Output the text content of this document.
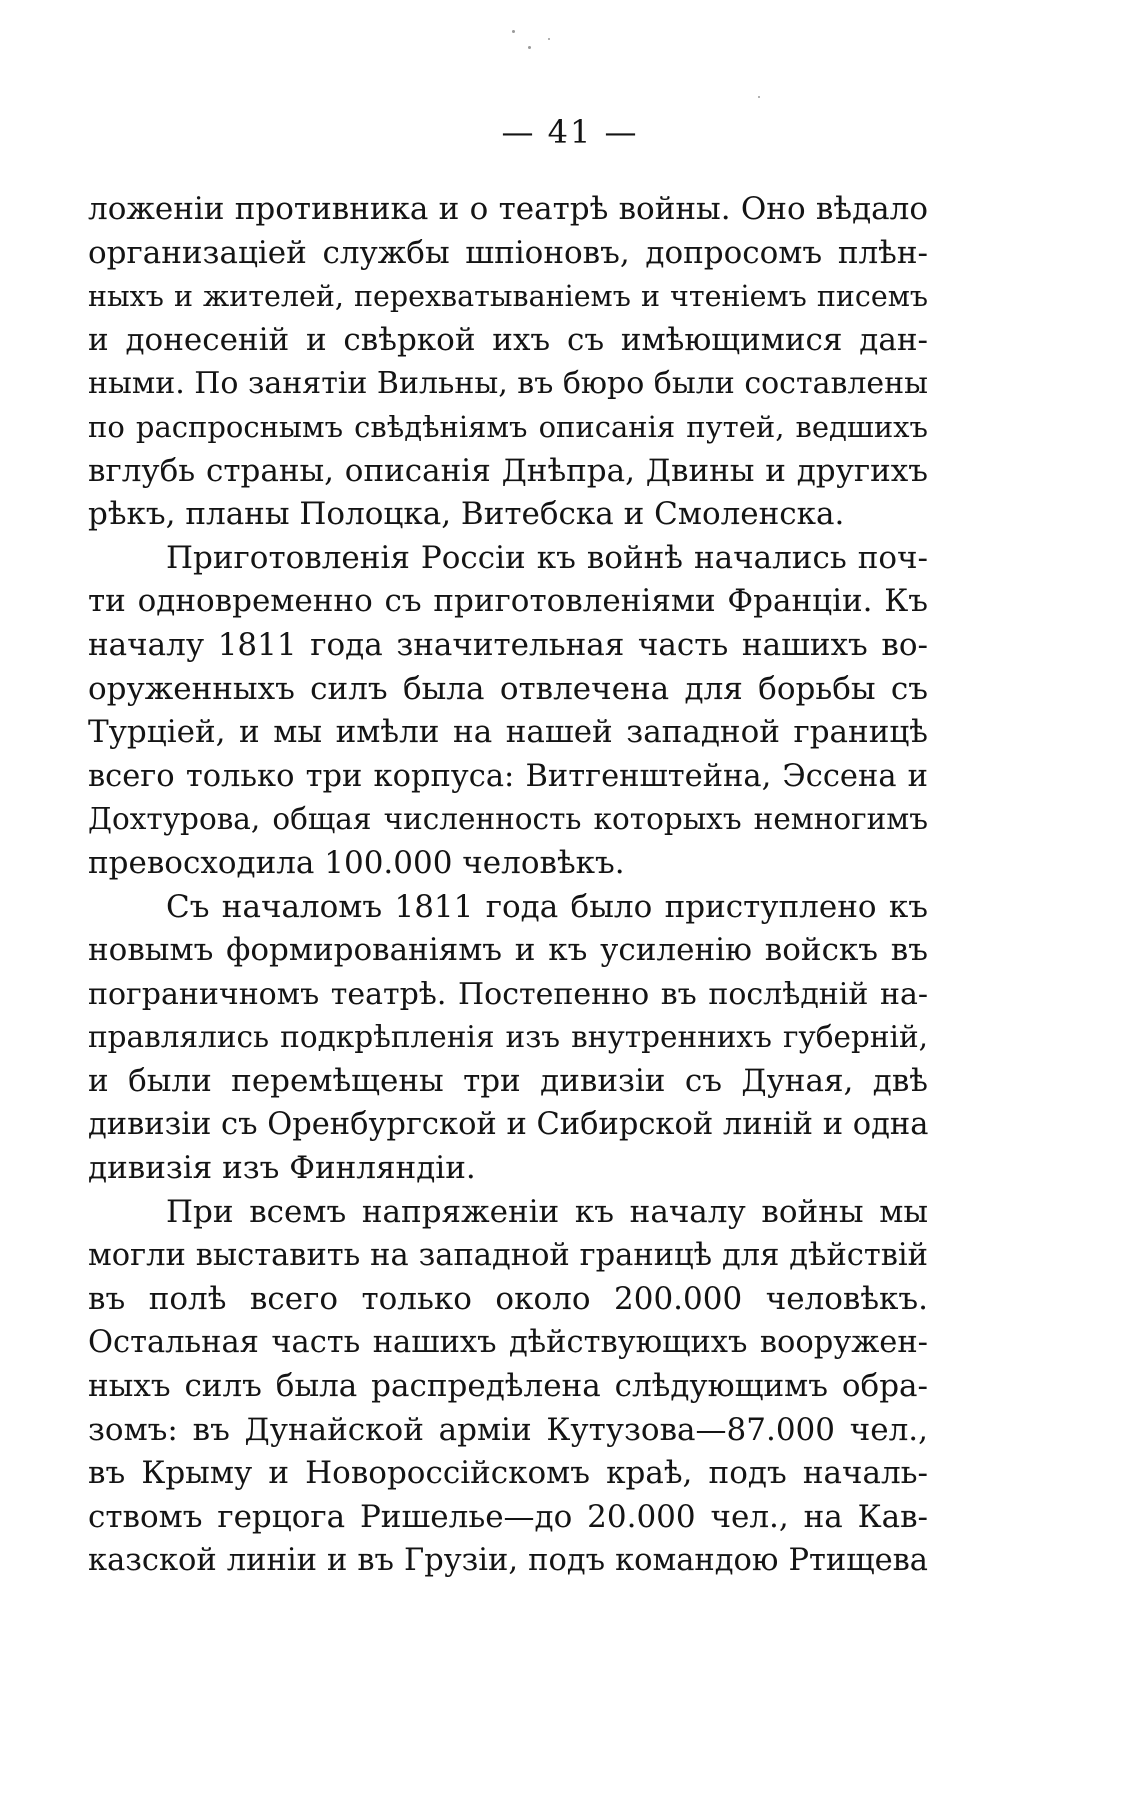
— 41 —
ложеніи противника и о театрѣ войны. Оно вѣдало
организаціей службы шпіоновъ, допросомъ плѣн-
ныхъ и жителей, перехватываніемъ и чтеніемъ писемъ
и донесеній и свѣркой ихъ съ имѣющимися дан-
ными. По занятіи Вильны, въ бюро были составлены
по распроснымъ свѣдѣніямъ описанія путей, ведшихъ
вглубь страны, описанія Днѣпра, Двины и другихъ
рѣкъ, планы Полоцка, Витебска и Смоленска.
Приготовленія Россіи къ войнѣ начались поч-
ти одновременно съ приготовленіями Франціи. Къ
началу 1811 года значительная часть нашихъ во-
оруженныхъ силъ была отвлечена для борьбы съ
Турціей, и мы имѣли на нашей западной границѣ
всего только три корпуса: Витгенштейна, Эссена и
Дохтурова, общая численность которыхъ немногимъ
превосходила 100.000 человѣкъ.
Съ началомъ 1811 года было приступлено къ
новымъ формированіямъ и къ усиленію войскъ въ
пограничномъ театрѣ. Постепенно въ послѣдній на-
правлялись подкрѣпленія изъ внутреннихъ губерній,
и были перемѣщены три дивизіи съ Дуная, двѣ
дивизіи съ Оренбургской и Сибирской линій и одна
дивизія изъ Финляндіи.
При всемъ напряженіи къ началу войны мы
могли выставить на западной границѣ для дѣйствій
въ полѣ всего только около 200.000 человѣкъ.
Остальная часть нашихъ дѣйствующихъ вооружен-
ныхъ силъ была распредѣлена слѣдующимъ обра-
зомъ: въ Дунайской арміи Кутузова—87.000 чел.,
въ Крыму и Новороссійскомъ краѣ, подъ началь-
ствомъ герцога Ришелье—до 20.000 чел., на Кав-
казской линіи и въ Грузіи, подъ командою Ртищева
